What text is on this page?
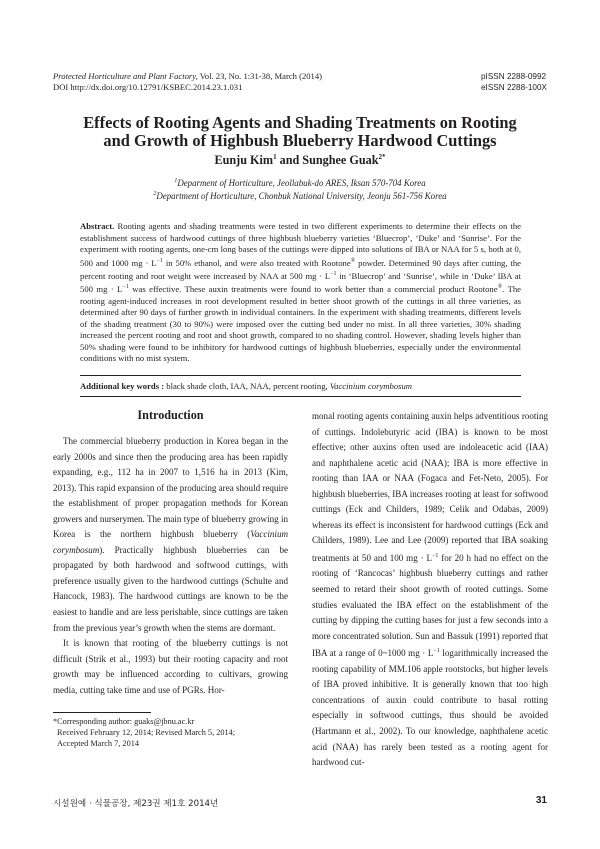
Protected Horticulture and Plant Factory, Vol. 23, No. 1:31-38, March (2014)
DOI http://dx.doi.org/10.12791/KSBEC.2014.23.1.031
pISSN 2288-0992
eISSN 2288-100X
Effects of Rooting Agents and Shading Treatments on Rooting
and Growth of Highbush Blueberry Hardwood Cuttings
Eunju Kim$^1$ and Sunghee Guak$^{2*}$
$^1$Deparment of Horticulture, Jeollabuk-do ARES, Iksan 570-704 Korea
$^2$Department of Horticulture, Chonbuk National University, Jeonju 561-756 Korea
Abstract. Rooting agents and shading treatments were tested in two different experiments to determine their effects on the establishment success of hardwood cuttings of three highbush blueberry varieties ‘Bluecrop’, ‘Duke’ and ‘Sunrise’. For the experiment with rooting agents, one-cm long bases of the cuttings were dipped into solutions of IBA or NAA for 5 s, both at 0, 500 and 1000 mg · $L^{-1}$ in 50% ethanol, and were also treated with Rootone® powder. Determined 90 days after cutting, the percent rooting and root weight were increased by NAA at 500 mg · $L^{-1}$ in ‘Bluecrop’ and ‘Sunrise’, while in ‘Duke’ IBA at 500 mg · $L^{-1}$ was effective. These auxin treatments were found to work better than a commercial product Rootone®. The rooting agent-induced increases in root development resulted in better shoot growth of the cuttings in all three varieties, as determined after 90 days of further growth in individual containers. In the experiment with shading treatments, different levels of the shading treatment (30 to 90%) were imposed over the cutting bed under no mist. In all three varieties, 30% shading increased the percent rooting and root and shoot growth, compared to no shading control. However, shading levels higher than 50% shading were found to be inhibitory for hardwood cuttings of highbush blueberries, especially under the environmental conditions with no mist system.
Additional key words : black shade cloth, IAA, NAA, percent rooting, Vaccinium corymbosum
Introduction

The commercial blueberry production in Korea began in the early 2000s and since then the producing area has been rapidly expanding, e.g., 112 ha in 2007 to 1,516 ha in 2013 (Kim, 2013). This rapid expansion of the producing area should require the establishment of proper propagation methods for Korean growers and nurserymen. The main type of blueberry growing in Korea is the northern highbush blueberry (Vaccinium corymbosum). Practically highbush blueberries can be propagated by both hardwood and softwood cuttings, with preference usually given to the hardwood cuttings (Schulte and Hancock, 1983). The hardwood cuttings are known to be the easiest to handle and are less perishable, since cuttings are taken from the previous year’s growth when the stems are dormant.

It is known that rooting of the blueberry cuttings is not difficult (Strik et al., 1993) but their rooting capacity and root growth may be influenced according to cultivars, growing media, cutting take time and use of PGRs. Hor-

monal rooting agents containing auxin helps adventitious rooting of cuttings. Indolebutyric acid (IBA) is known to be most effective; other auxins often used are indoleacetic acid (IAA) and naphthalene acetic acid (NAA); IBA is more effective in rooting than IAA or NAA (Fogaca and Fet-Neto, 2005). For highbush blueberries, IBA increases rooting at least for softwood cuttings (Eck and Childers, 1989; Celik and Odabas, 2009) whereas its effect is inconsistent for hardwood cuttings (Eck and Childers, 1989). Lee and Lee (2009) reported that IBA soaking treatments at 50 and 100 mg · $L^{-1}$ for 20 h had no effect on the rooting of ‘Rancocas’ highbush blueberry cuttings and rather seemed to retard their shoot growth of rooted cuttings. Some studies evaluated the IBA effect on the establishment of the cutting by dipping the cutting bases for just a few seconds into a more concentrated solution. Sun and Bassuk (1991) reported that IBA at a range of 0~1000 mg · $L^{-1}$ logarithmically increased the rooting capability of MM.106 apple rootstocks, but higher levels of IBA proved inhibitive. It is generally known that too high concentrations of auxin could contribute to basal rotting especially in softwood cuttings, thus should be avoided (Hartmann et al., 2002). To our knowledge, naphthalene acetic acid (NAA) has rarely been tested as a rooting agent for hardwood cut-

*Corresponding author: guaks@jbnu.ac.kr
Received February 12, 2014; Revised March 5, 2014;
Accepted March 7, 2014
시설원예 · 식물공장, 제23권 제1호 2014년	31
